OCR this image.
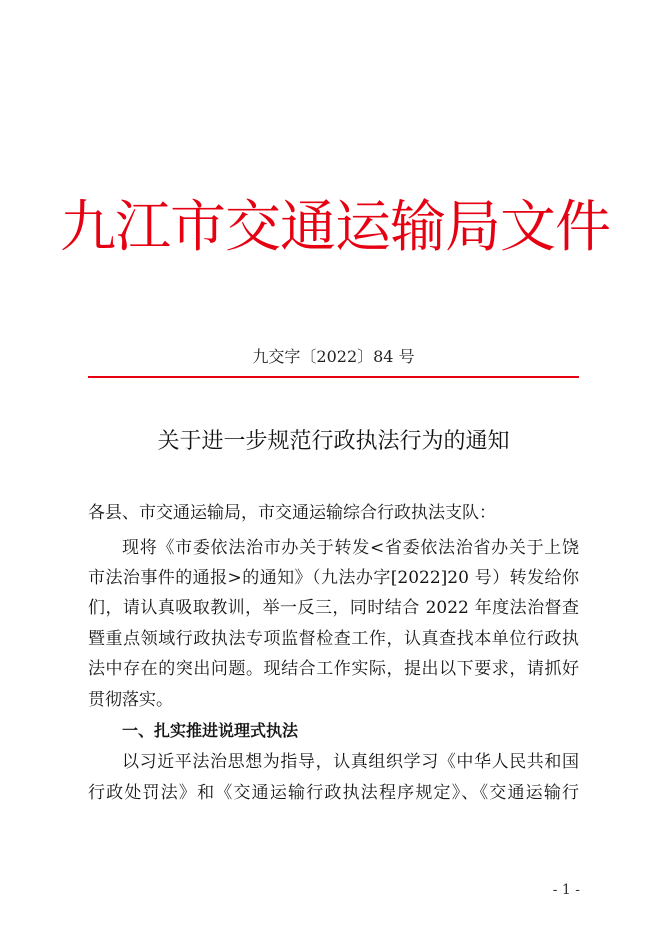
九江市交通运输局文件
九交字〔2022〕84 号
关于进一步规范行政执法行为的通知
各县、市交通运输局，市交通运输综合行政执法支队：
现将《市委依法治市办关于转发<省委依法治省办关于上饶
市法治事件的通报>的通知》（九法办字[2022]20 号）转发给你
们，请认真吸取教训，举一反三，同时结合 2022 年度法治督查
暨重点领域行政执法专项监督检查工作，认真查找本单位行政执
法中存在的突出问题。现结合工作实际，提出以下要求，请抓好
贯彻落实。
一、扎实推进说理式执法
以习近平法治思想为指导，认真组织学习《中华人民共和国
行政处罚法》和《交通运输行政执法程序规定》、《交通运输行
- 1 -
